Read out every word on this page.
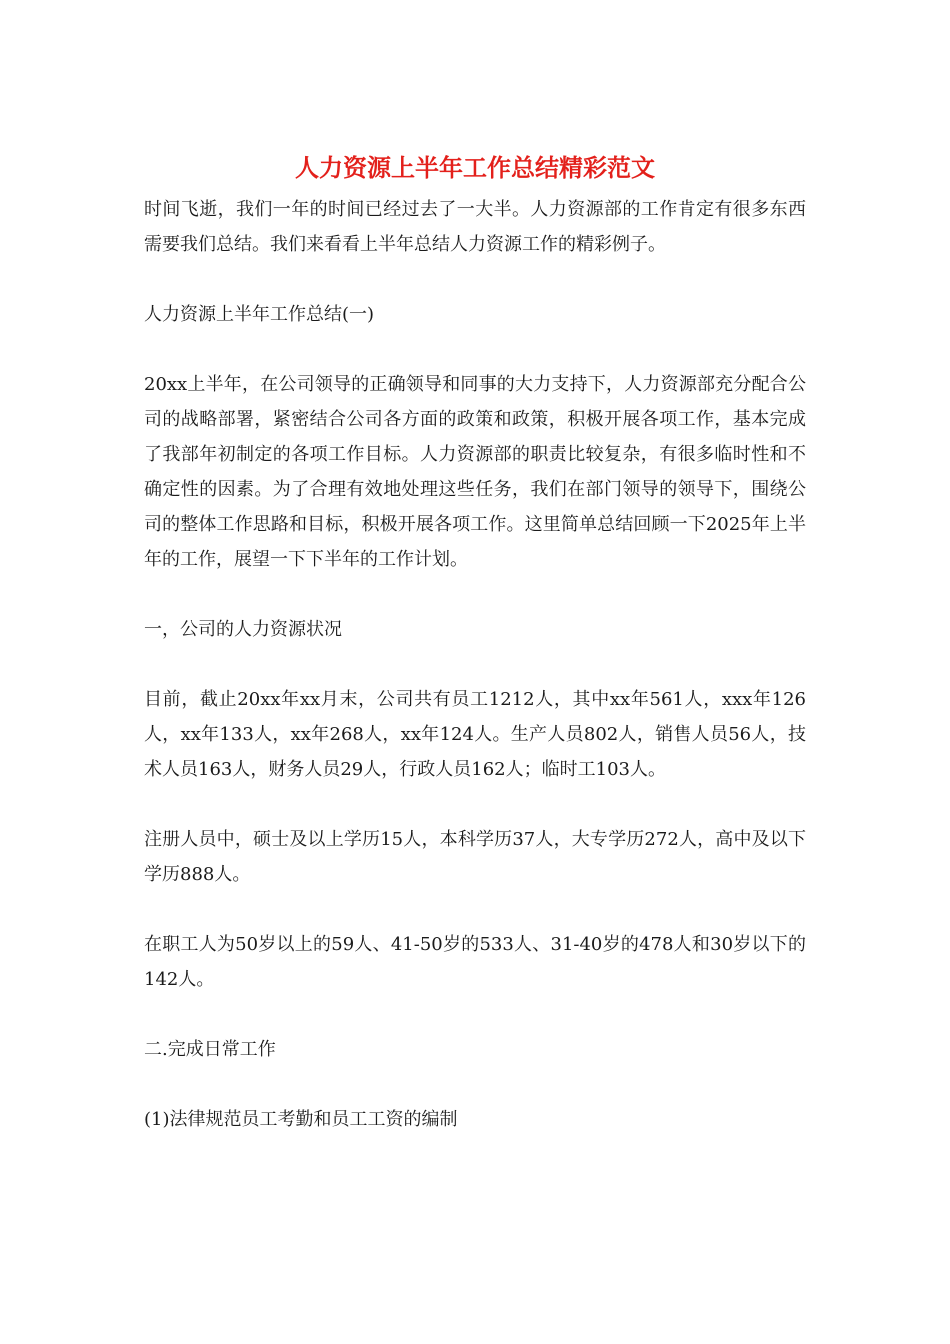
人力资源上半年工作总结精彩范文

时间飞逝，我们一年的时间已经过去了一大半。人力资源部的工作肯定有很多东西需要我们总结。我们来看看上半年总结人力资源工作的精彩例子。

人力资源上半年工作总结(一)

20xx上半年，在公司领导的正确领导和同事的大力支持下，人力资源部充分配合公司的战略部署，紧密结合公司各方面的政策和政策，积极开展各项工作，基本完成了我部年初制定的各项工作目标。人力资源部的职责比较复杂，有很多临时性和不确定性的因素。为了合理有效地处理这些任务，我们在部门领导的领导下，围绕公司的整体工作思路和目标，积极开展各项工作。这里简单总结回顾一下2025年上半年的工作，展望一下下半年的工作计划。

一，公司的人力资源状况

目前，截止20xx年xx月末，公司共有员工1212人，其中xx年561人，xxx年126人，xx年133人，xx年268人，xx年124人。生产人员802人，销售人员56人，技术人员163人，财务人员29人，行政人员162人；临时工103人。

注册人员中，硕士及以上学历15人，本科学历37人，大专学历272人，高中及以下学历888人。

在职工人为50岁以上的59人、41-50岁的533人、31-40岁的478人和30岁以下的142人。

二.完成日常工作

(1)法律规范员工考勤和员工工资的编制
